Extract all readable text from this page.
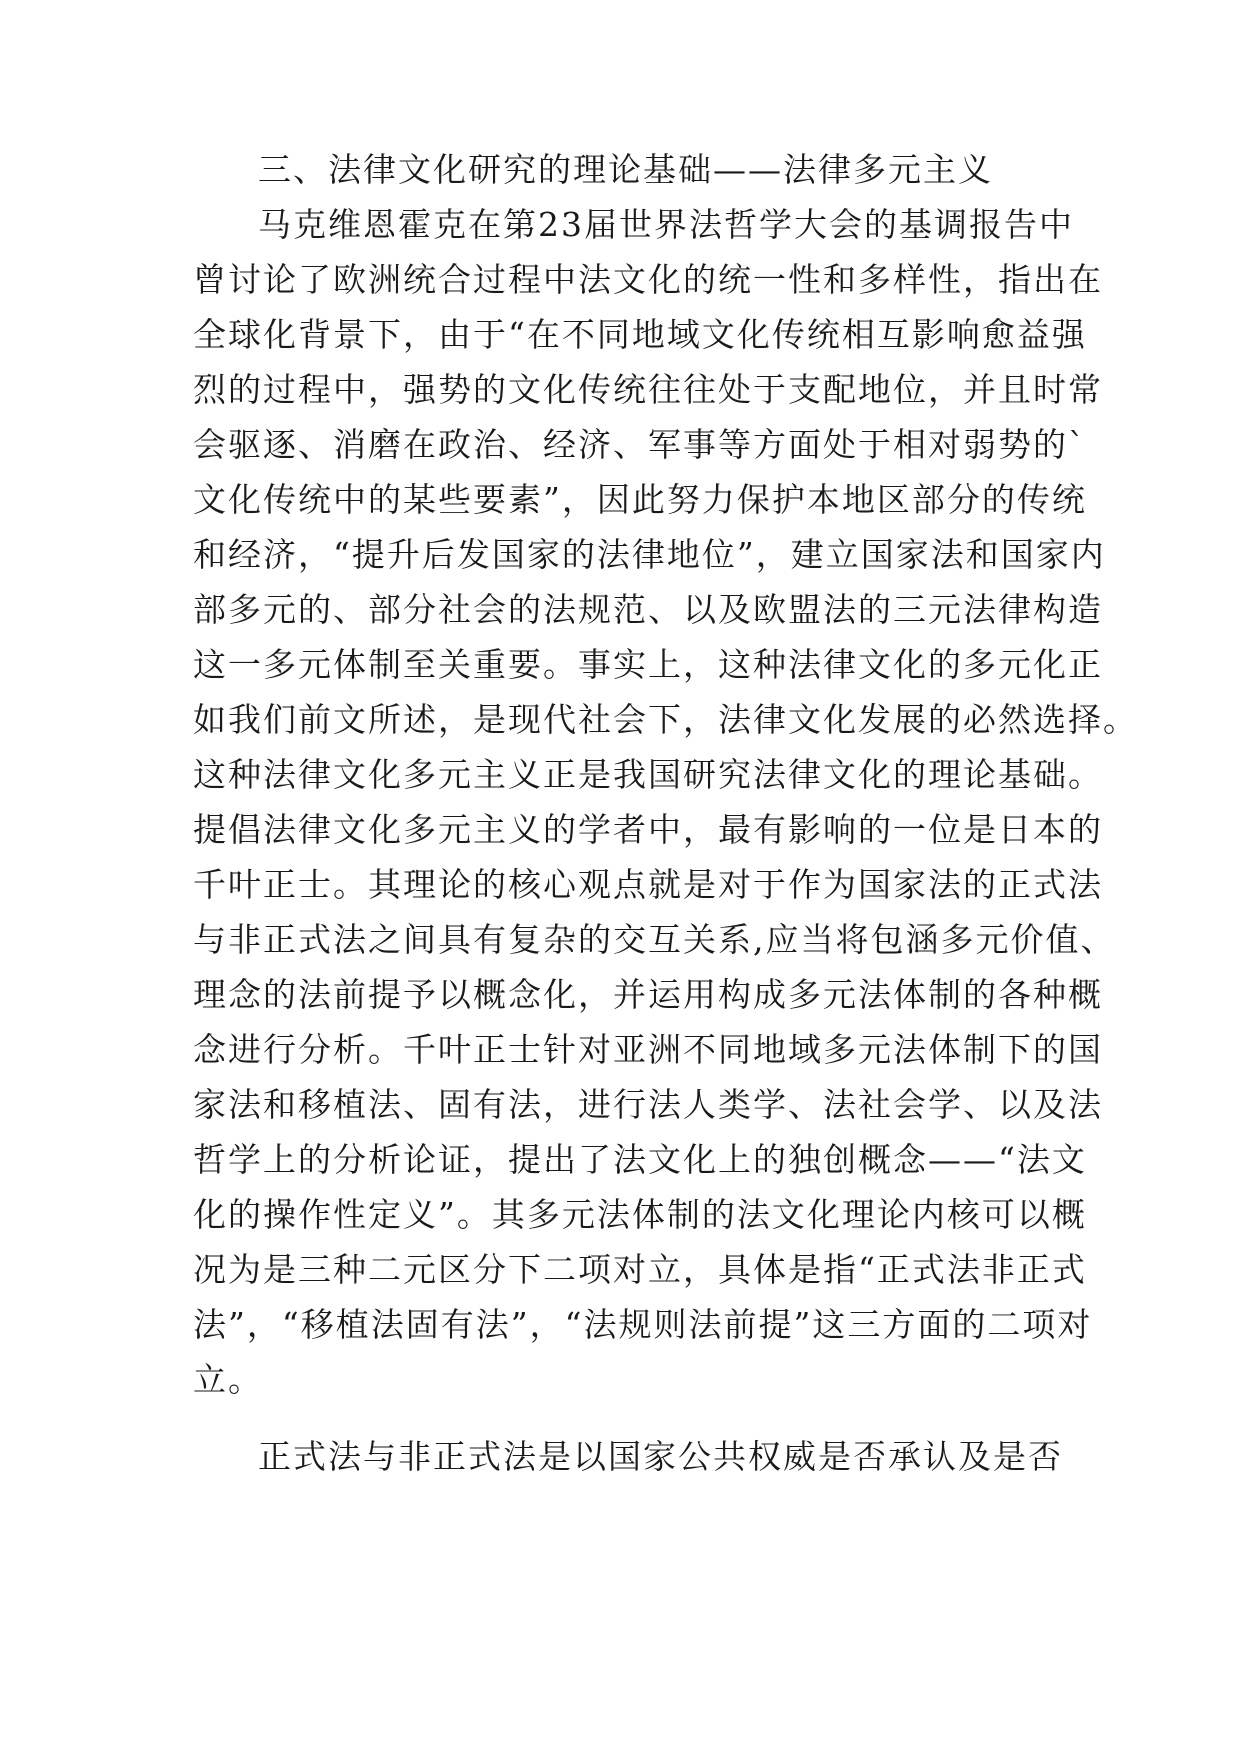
三、法律文化研究的理论基础——法律多元主义
马克维恩霍克在第23届世界法哲学大会的基调报告中
曾讨论了欧洲统合过程中法文化的统一性和多样性，指出在
全球化背景下，由于“在不同地域文化传统相互影响愈益强
烈的过程中，强势的文化传统往往处于支配地位，并且时常
会驱逐、消磨在政治、经济、军事等方面处于相对弱势的`
文化传统中的某些要素”，因此努力保护本地区部分的传统
和经济，“提升后发国家的法律地位”，建立国家法和国家内
部多元的、部分社会的法规范、以及欧盟法的三元法律构造
这一多元体制至关重要。事实上，这种法律文化的多元化正
如我们前文所述，是现代社会下，法律文化发展的必然选择。
这种法律文化多元主义正是我国研究法律文化的理论基础。
提倡法律文化多元主义的学者中，最有影响的一位是日本的
千叶正士。其理论的核心观点就是对于作为国家法的正式法
与非正式法之间具有复杂的交互关系,应当将包涵多元价值、
理念的法前提予以概念化，并运用构成多元法体制的各种概
念进行分析。千叶正士针对亚洲不同地域多元法体制下的国
家法和移植法、固有法，进行法人类学、法社会学、以及法
哲学上的分析论证，提出了法文化上的独创概念——“法文
化的操作性定义”。其多元法体制的法文化理论内核可以概
况为是三种二元区分下二项对立，具体是指“正式法非正式
法”，“移植法固有法”，“法规则法前提”这三方面的二项对
立。
正式法与非正式法是以国家公共权威是否承认及是否
